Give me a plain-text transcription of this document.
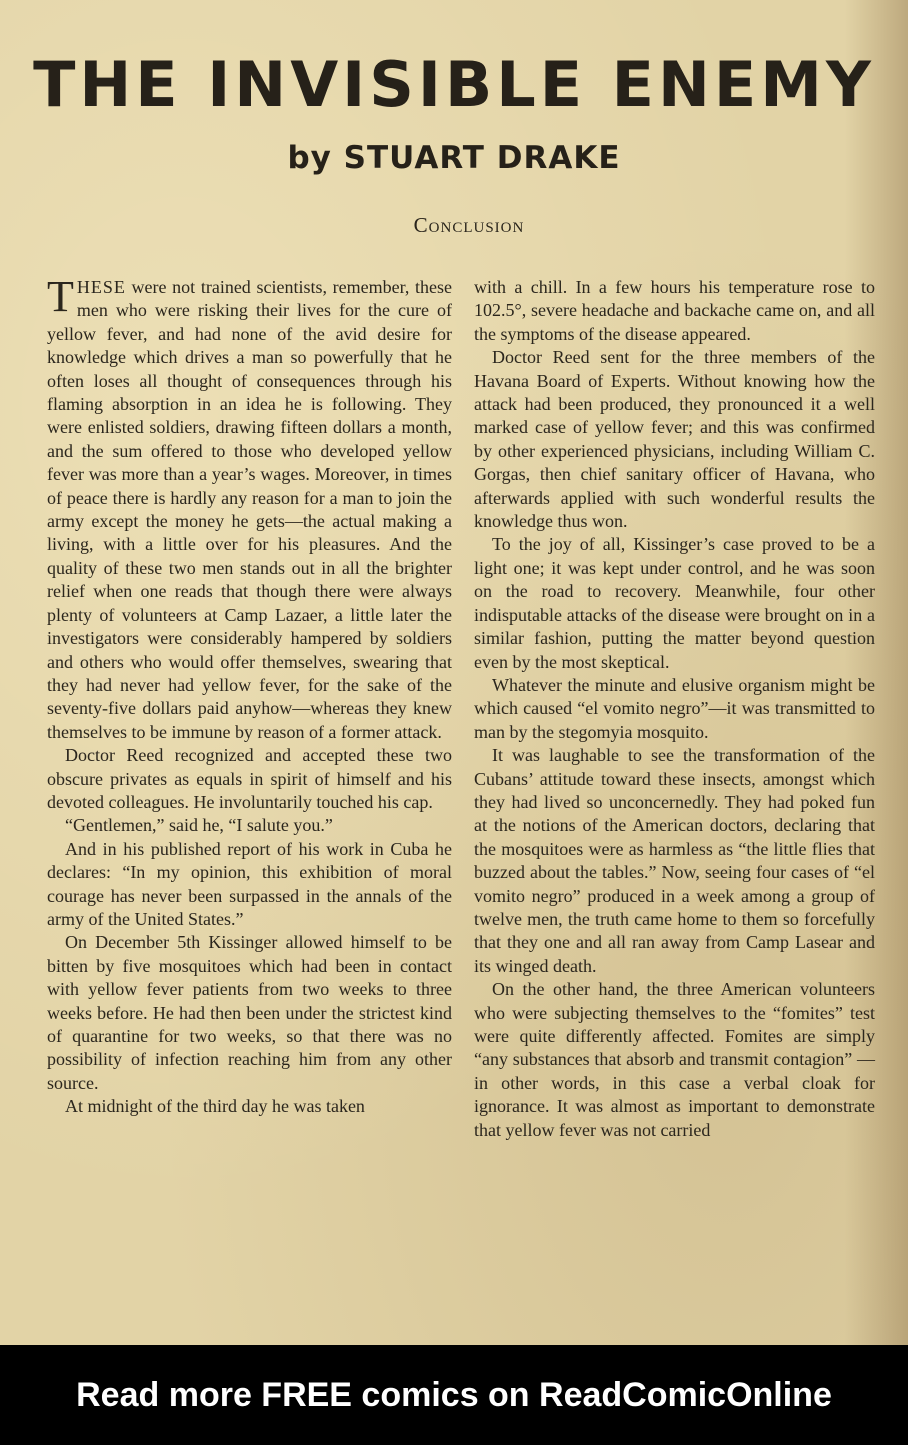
THE INVISIBLE ENEMY
by STUART DRAKE
Conclusion

THESE were not trained scientists, remember, these men who were risking their lives for the cure of yellow fever, and had none of the avid desire for knowledge which drives a man so powerfully that he often loses all thought of consequences through his flaming absorption in an idea he is following. They were enlisted soldiers, drawing fifteen dollars a month, and the sum offered to those who developed yellow fever was more than a year’s wages. Moreover, in times of peace there is hardly any reason for a man to join the army except the money he gets—the actual making a living, with a little over for his pleasures. And the quality of these two men stands out in all the brighter relief when one reads that though there were always plenty of volunteers at Camp Lazaer, a little later the investigators were considerably hampered by soldiers and others who would offer themselves, swearing that they had never had yellow fever, for the sake of the seventy-five dollars paid anyhow—whereas they knew themselves to be immune by reason of a former attack.

Doctor Reed recognized and accepted these two obscure privates as equals in spirit of himself and his devoted colleagues. He involuntarily touched his cap.

“Gentlemen,” said he, “I salute you.”

And in his published report of his work in Cuba he declares: “In my opinion, this exhibition of moral courage has never been surpassed in the annals of the army of the United States.”

On December 5th Kissinger allowed himself to be bitten by five mosquitoes which had been in contact with yellow fever patients from two weeks to three weeks before. He had then been under the strictest kind of quarantine for two weeks, so that there was no possibility of infection reaching him from any other source.

At midnight of the third day he was taken

with a chill. In a few hours his temperature rose to 102.5°, severe headache and backache came on, and all the symptoms of the disease appeared.

Doctor Reed sent for the three members of the Havana Board of Experts. Without knowing how the attack had been produced, they pronounced it a well marked case of yellow fever; and this was confirmed by other experienced physicians, including William C. Gorgas, then chief sanitary officer of Havana, who afterwards applied with such wonderful results the knowledge thus won.

To the joy of all, Kissinger’s case proved to be a light one; it was kept under control, and he was soon on the road to recovery. Meanwhile, four other indisputable attacks of the disease were brought on in a similar fashion, putting the matter beyond question even by the most skeptical.

Whatever the minute and elusive organism might be which caused “el vomito negro”—it was transmitted to man by the stegomyia mosquito.

It was laughable to see the transformation of the Cubans’ attitude toward these insects, amongst which they had lived so unconcernedly. They had poked fun at the notions of the American doctors, declaring that the mosquitoes were as harmless as “the little flies that buzzed about the tables.” Now, seeing four cases of “el vomito negro” produced in a week among a group of twelve men, the truth came home to them so forcefully that they one and all ran away from Camp Lasear and its winged death.

On the other hand, the three American volunteers who were subjecting themselves to the “fomites” test were quite differently affected. Fomites are simply “any substances that absorb and transmit contagion” — in other words, in this case a verbal cloak for ignorance. It was almost as important to demonstrate that yellow fever was not carried

Read more FREE comics on ReadComicOnline
